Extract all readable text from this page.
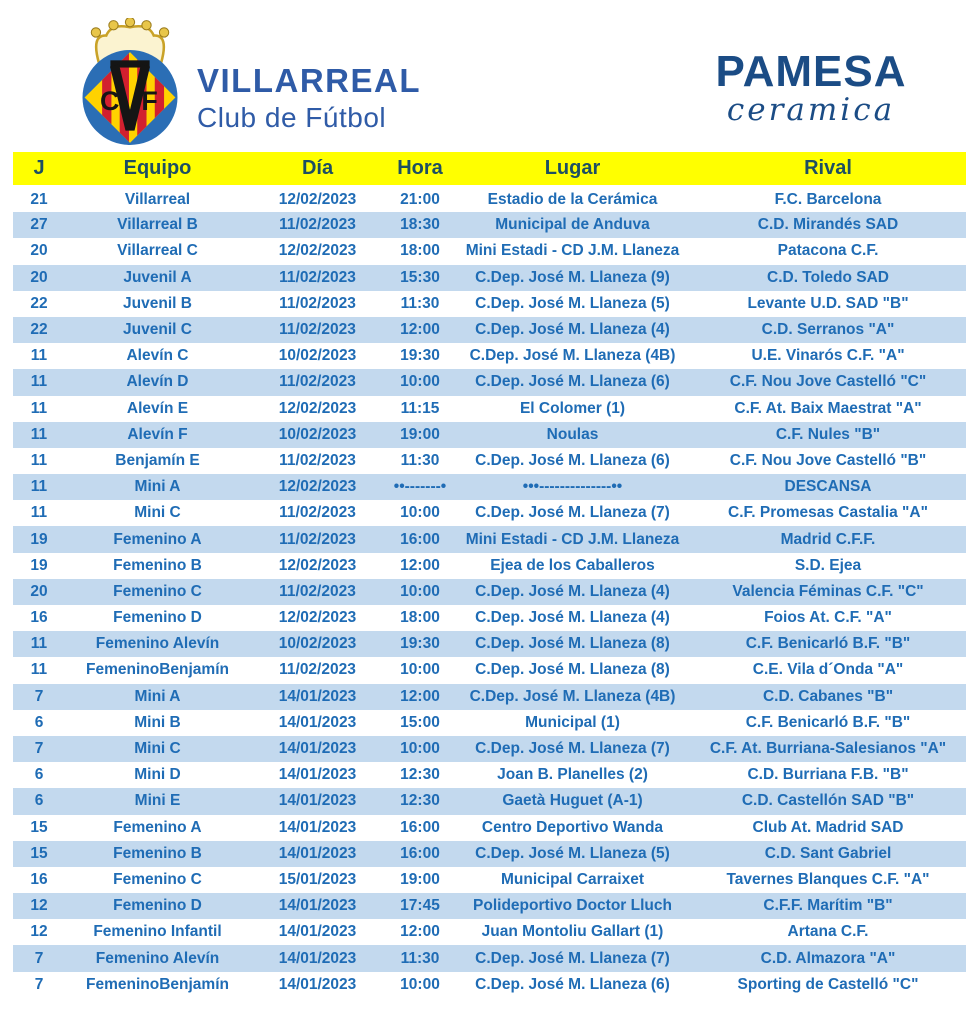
C F
VILLARREAL
Club de Fútbol
PAMESA
ceramica
J	Equipo	Día	Hora	Lugar	Rival
21	Villarreal	12/02/2023	21:00	Estadio de la Cerámica	F.C. Barcelona
27	Villarreal B	11/02/2023	18:30	Municipal de Anduva	C.D. Mirandés SAD
20	Villarreal C	12/02/2023	18:00	Mini Estadi - CD J.M. Llaneza	Patacona C.F.
20	Juvenil A	11/02/2023	15:30	C.Dep. José M. Llaneza (9)	C.D. Toledo SAD
22	Juvenil B	11/02/2023	11:30	C.Dep. José M. Llaneza (5)	Levante U.D. SAD "B"
22	Juvenil C	11/02/2023	12:00	C.Dep. José M. Llaneza (4)	C.D. Serranos "A"
11	Alevín C	10/02/2023	19:30	C.Dep. José M. Llaneza (4B)	U.E. Vinarós C.F. "A"
11	Alevín D	11/02/2023	10:00	C.Dep. José M. Llaneza (6)	C.F. Nou Jove Castelló "C"
11	Alevín E	12/02/2023	11:15	El Colomer (1)	C.F. At. Baix Maestrat "A"
11	Alevín F	10/02/2023	19:00	Noulas	C.F. Nules "B"
11	Benjamín E	11/02/2023	11:30	C.Dep. José M. Llaneza (6)	C.F. Nou Jove Castelló "B"
11	Mini A	12/02/2023	••-------•	•••--------------••	DESCANSA
11	Mini C	11/02/2023	10:00	C.Dep. José M. Llaneza (7)	C.F. Promesas Castalia "A"
19	Femenino A	11/02/2023	16:00	Mini Estadi - CD J.M. Llaneza	Madrid C.F.F.
19	Femenino B	12/02/2023	12:00	Ejea de los Caballeros	S.D. Ejea
20	Femenino C	11/02/2023	10:00	C.Dep. José M. Llaneza (4)	Valencia Féminas C.F. "C"
16	Femenino D	12/02/2023	18:00	C.Dep. José M. Llaneza (4)	Foios At. C.F. "A"
11	Femenino Alevín	10/02/2023	19:30	C.Dep. José M. Llaneza (8)	C.F. Benicarló B.F. "B"
11	FemeninoBenjamín	11/02/2023	10:00	C.Dep. José M. Llaneza (8)	C.E. Vila d´Onda "A"
7	Mini A	14/01/2023	12:00	C.Dep. José M. Llaneza (4B)	C.D. Cabanes "B"
6	Mini B	14/01/2023	15:00	Municipal (1)	C.F. Benicarló B.F. "B"
7	Mini C	14/01/2023	10:00	C.Dep. José M. Llaneza (7)	C.F. At. Burriana-Salesianos "A"
6	Mini D	14/01/2023	12:30	Joan B. Planelles (2)	C.D. Burriana F.B. "B"
6	Mini E	14/01/2023	12:30	Gaetà Huguet (A-1)	C.D. Castellón SAD "B"
15	Femenino A	14/01/2023	16:00	Centro Deportivo Wanda	Club At. Madrid SAD
15	Femenino B	14/01/2023	16:00	C.Dep. José M. Llaneza (5)	C.D. Sant Gabriel
16	Femenino C	15/01/2023	19:00	Municipal Carraixet	Tavernes Blanques C.F. "A"
12	Femenino D	14/01/2023	17:45	Polideportivo Doctor Lluch	C.F.F. Marítim "B"
12	Femenino Infantil	14/01/2023	12:00	Juan Montoliu Gallart (1)	Artana C.F.
7	Femenino Alevín	14/01/2023	11:30	C.Dep. José M. Llaneza (7)	C.D. Almazora "A"
7	FemeninoBenjamín	14/01/2023	10:00	C.Dep. José M. Llaneza (6)	Sporting de Castelló "C"
